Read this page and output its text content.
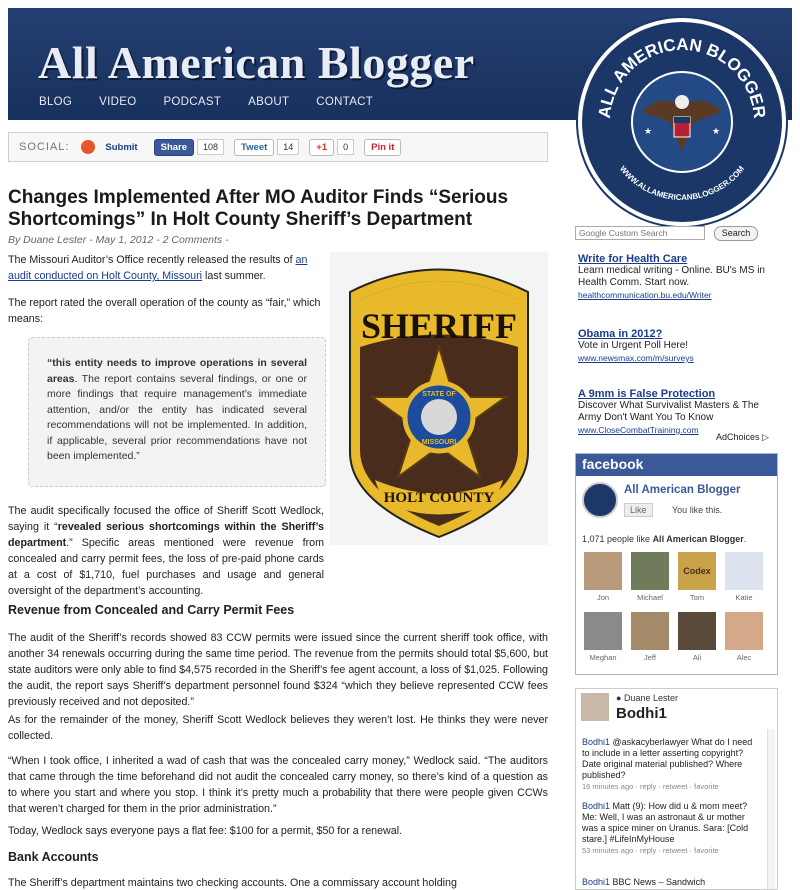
All American Blogger
BLOG VIDEO PODCAST ABOUT CONTACT
ALL AMERICAN BLOGGER
WWW.ALLAMERICANBLOGGER.COM
★	★
SOCIAL:	Submit	Share	108	Tweet	14	+1	0	Pin it
Changes Implemented After MO Auditor Finds “Serious Shortcomings” In Holt County Sheriff’s Department
By Duane Lester - May 1, 2012 - 2 Comments -
The Missouri Auditor’s Office recently released the results of an audit conducted on Holt County, Missouri last summer.
The report rated the overall operation of the county as “fair,” which means:
“this entity needs to improve operations in several areas. The report contains several findings, or one or more findings that require management’s immediate attention, and/or the entity has indicated several recommendations will not be implemented. In addition, if applicable, several prior recommendations have not been implemented.”
SHERIFF
STATE OF
MISSOURI
HOLT COUNTY
The audit specifically focused the office of Sheriff Scott Wedlock, saying it “revealed serious shortcomings within the Sheriff’s department.” Specific areas mentioned were revenue from concealed and carry permit fees, the loss of pre-paid phone cards at a cost of $1,710, fuel purchases and usage and general oversight of the department’s accounting.
Revenue from Concealed and Carry Permit Fees
The audit of the Sheriff’s records showed 83 CCW permits were issued since the current sheriff took office, with another 34 renewals occurring during the same time period. The revenue from the permits should total $5,600, but state auditors were only able to find $4,575 recorded in the Sheriff’s fee agent account, a loss of $1,025. Following the audit, the report says Sheriff’s department personnel found $324 “which they believe represented CCW fees previously received and not deposited.”
As for the remainder of the money, Sheriff Scott Wedlock believes they weren’t lost. He thinks they were never collected.
“When I took office, I inherited a wad of cash that was the concealed carry money,” Wedlock said. “The auditors that came through the time beforehand did not audit the concealed carry money, so there’s kind of a question as to where you start and where you stop. I think it’s pretty much a probability that there were people given CCWs that weren’t charged for them in the prior administration.”
Today, Wedlock says everyone pays a flat fee: $100 for a permit, $50 for a renewal.
Bank Accounts
The Sheriff’s department maintains two checking accounts. One a commissary account holding
Google Custom Search
Search
Write for Health Care
Learn medical writing - Online. BU's MS in Health Comm. Start now.
healthcommunication.bu.edu/Writer
Obama in 2012?
Vote in Urgent Poll Here!
www.newsmax.com/m/surveys
A 9mm is False Protection
Discover What Survivalist Masters & The Army Don't Want You To Know
www.CloseCombatTraining.com
AdChoices ▷
facebook
All American Blogger
Like	You like this.
1,071 people like All American Blogger.
Jon	Michael
Codex
Tom	Katie
Meghan	Jeff	Ali	Alec
● Duane Lester
Bodhi1
Bodhi1 @askacyberlawyer What do I need to include in a letter asserting copyright? Date original material published? Where published?
16 minutes ago · reply · retweet · favorite
Bodhi1 Matt (9): How did u & mom meet? Me: Well, I was an astronaut & ur mother was a spice miner on Uranus. Sara: [Cold stare.] #LifeInMyHouse
53 minutes ago · reply · retweet · favorite
Bodhi1 BBC News – Sandwich
